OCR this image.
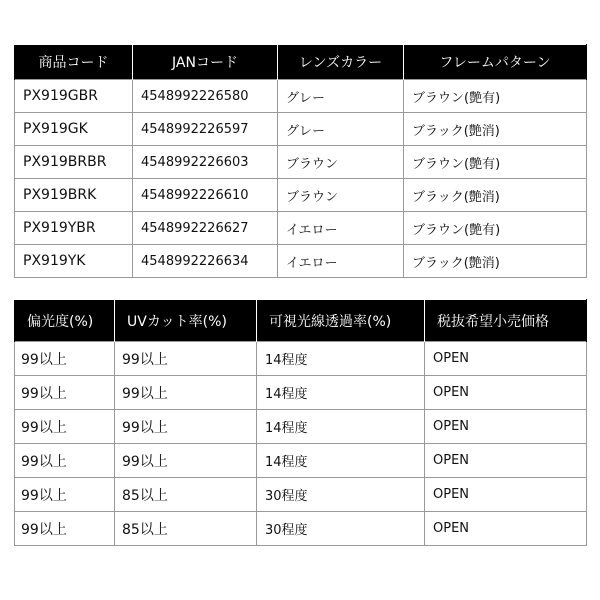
商品コード	JANコード	レンズカラー	フレームパターン
PX919GBR	4548992226580	グレー	ブラウン(艶有)
PX919GK	4548992226597	グレー	ブラック(艶消)
PX919BRBR	4548992226603	ブラウン	ブラウン(艶有)
PX919BRK	4548992226610	ブラウン	ブラック(艶消)
PX919YBR	4548992226627	イエロー	ブラウン(艶有)
PX919YK	4548992226634	イエロー	ブラック(艶消)
偏光度(%)	UVカット率(%)	可視光線透過率(%)	税抜希望小売価格
99以上	99以上	14程度	OPEN
99以上	99以上	14程度	OPEN
99以上	99以上	14程度	OPEN
99以上	99以上	14程度	OPEN
99以上	85以上	30程度	OPEN
99以上	85以上	30程度	OPEN
